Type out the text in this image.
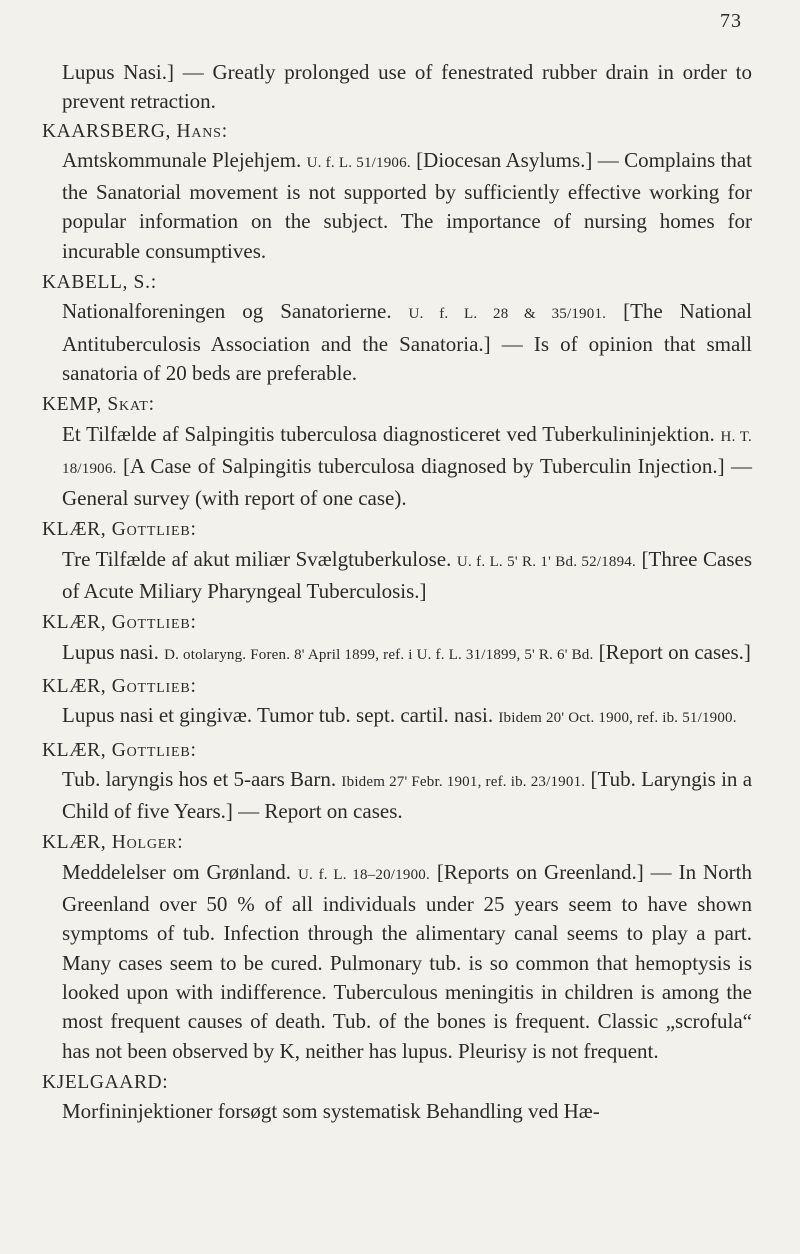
73

Lupus Nasi.] — Greatly prolonged use of fenestrated rubber drain in order to prevent retraction.

KAARSBERG, Hans:

Amtskommunale Plejehjem. U. f. L. 51/1906. [Diocesan Asylums.] — Complains that the Sanatorial movement is not supported by sufficiently effective working for popular information on the subject. The importance of nursing homes for incurable consumptives.

KABELL, S.:

Nationalforeningen og Sanatorierne. U. f. L. 28 & 35/1901. [The National Antituberculosis Association and the Sanatoria.] — Is of opinion that small sanatoria of 20 beds are preferable.

KEMP, Skat:

Et Tilfælde af Salpingitis tuberculosa diagnosticeret ved Tuberkulininjektion. H. T. 18/1906. [A Case of Salpingitis tuberculosa diagnosed by Tuberculin Injection.] — General survey (with report of one case).

KLÆR, Gottlieb:

Tre Tilfælde af akut miliær Svælgtuberkulose. U. f. L. 5' R. 1' Bd. 52/1894. [Three Cases of Acute Miliary Pharyngeal Tuberculosis.]

KLÆR, Gottlieb:

Lupus nasi. D. otolaryng. Foren. 8' April 1899, ref. i U. f. L. 31/1899, 5' R. 6' Bd. [Report on cases.]

KLÆR, Gottlieb:

Lupus nasi et gingivæ. Tumor tub. sept. cartil. nasi. Ibidem 20' Oct. 1900, ref. ib. 51/1900.

KLÆR, Gottlieb:

Tub. laryngis hos et 5-aars Barn. Ibidem 27' Febr. 1901, ref. ib. 23/1901. [Tub. Laryngis in a Child of five Years.] — Report on cases.

KLÆR, Holger:

Meddelelser om Grønland. U. f. L. 18–20/1900. [Reports on Greenland.] — In North Greenland over 50 % of all individuals under 25 years seem to have shown symptoms of tub. Infection through the alimentary canal seems to play a part. Many cases seem to be cured. Pulmonary tub. is so common that hemoptysis is looked upon with indifference. Tuberculous meningitis in children is among the most frequent causes of death. Tub. of the bones is frequent. Classic „scrofula“ has not been observed by K, neither has lupus. Pleurisy is not frequent.

KJELGAARD:

Morfininjektioner forsøgt som systematisk Behandling ved Hæ-
